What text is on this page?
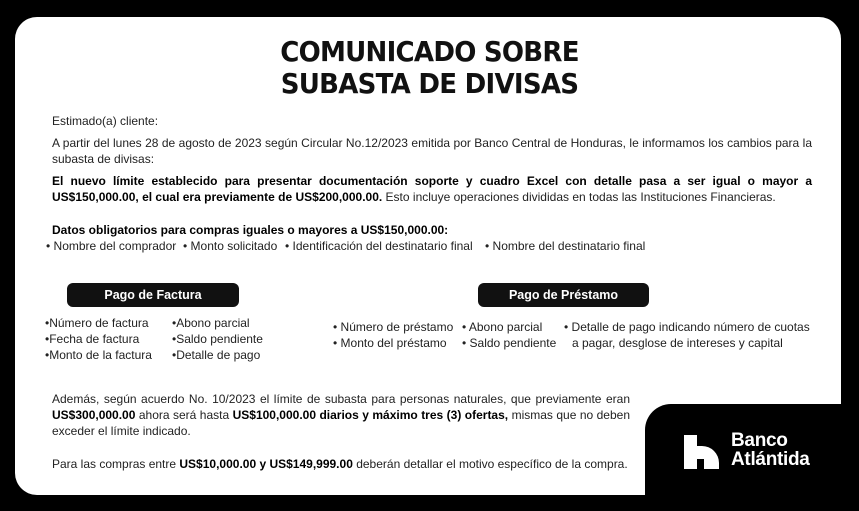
COMUNICADO SOBRE
SUBASTA DE DIVISAS
Estimado(a) cliente:
A partir del lunes 28 de agosto de 2023 según Circular No.12/2023 emitida por Banco Central de Honduras, le informamos los cambios para la subasta de divisas:
El nuevo límite establecido para presentar documentación soporte y cuadro Excel con detalle pasa a ser igual o mayor a US$150,000.00, el cual era previamente de US$200,000.00. Esto incluye operaciones divididas en todas las Instituciones Financieras.
Datos obligatorios para compras iguales o mayores a US$150,000.00:
• Nombre del comprador • Monto solicitado • Identificación del destinatario final • Nombre del destinatario final
Pago de Factura
•Número de factura
•Fecha de factura
•Monto de la factura
•Abono parcial
•Saldo pendiente
•Detalle de pago
Pago de Préstamo
• Número de préstamo
• Monto del préstamo
• Abono parcial
• Saldo pendiente
• Detalle de pago indicando número de cuotas
a pagar, desglose de intereses y capital
Además, según acuerdo No. 10/2023 el límite de subasta para personas naturales, que previamente eran US$300,000.00 ahora será hasta US$100,000.00 diarios y máximo tres (3) ofertas, mismas que no deben exceder el límite indicado.
Para las compras entre US$10,000.00 y US$149,999.00 deberán detallar el motivo específico de la compra.
Banco
Atlántida
